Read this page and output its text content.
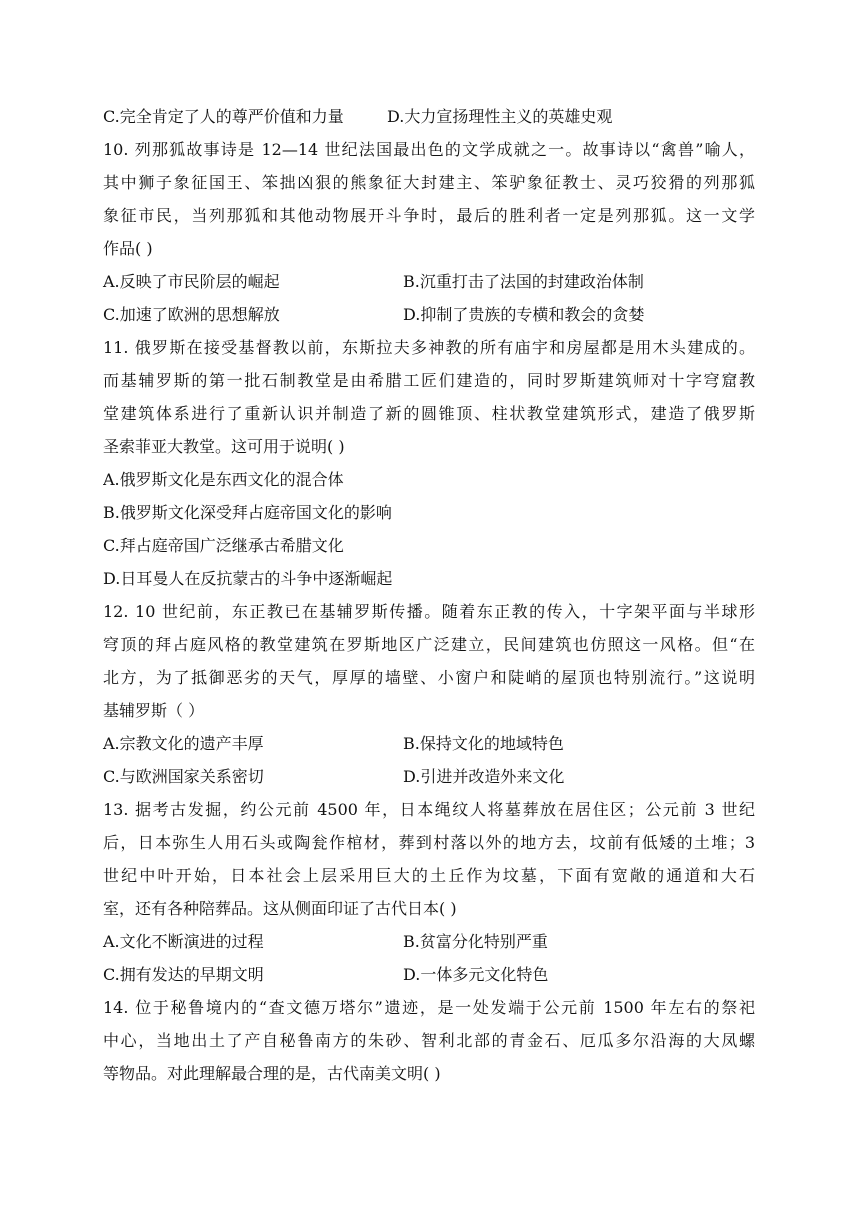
C.完全肯定了人的尊严价值和力量	D.大力宣扬理性主义的英雄史观
10. 列那狐故事诗是 12—14 世纪法国最出色的文学成就之一。故事诗以“禽兽”喻人，
其中狮子象征国王、笨拙凶狠的熊象征大封建主、笨驴象征教士、灵巧狡猾的列那狐
象征市民，当列那狐和其他动物展开斗争时，最后的胜利者一定是列那狐。这一文学
作品( )
A.反映了市民阶层的崛起	B.沉重打击了法国的封建政治体制
C.加速了欧洲的思想解放	D.抑制了贵族的专横和教会的贪婪
11. 俄罗斯在接受基督教以前，东斯拉夫多神教的所有庙宇和房屋都是用木头建成的。
而基辅罗斯的第一批石制教堂是由希腊工匠们建造的，同时罗斯建筑师对十字穹窟教
堂建筑体系进行了重新认识并制造了新的圆锥顶、柱状教堂建筑形式，建造了俄罗斯
圣索菲亚大教堂。这可用于说明( )
A.俄罗斯文化是东西文化的混合体
B.俄罗斯文化深受拜占庭帝国文化的影响
C.拜占庭帝国广泛继承古希腊文化
D.日耳曼人在反抗蒙古的斗争中逐渐崛起
12. 10 世纪前，东正教已在基辅罗斯传播。随着东正教的传入，十字架平面与半球形
穹顶的拜占庭风格的教堂建筑在罗斯地区广泛建立，民间建筑也仿照这一风格。但“在
北方，为了抵御恶劣的天气，厚厚的墙壁、小窗户和陡峭的屋顶也特别流行。”这说明
基辅罗斯（ ）
A.宗教文化的遗产丰厚	B.保持文化的地域特色
C.与欧洲国家关系密切	D.引进并改造外来文化
13. 据考古发掘，约公元前 4500 年，日本绳纹人将墓葬放在居住区；公元前 3 世纪
后，日本弥生人用石头或陶瓮作棺材，葬到村落以外的地方去，坟前有低矮的土堆；3
世纪中叶开始，日本社会上层采用巨大的土丘作为坟墓，下面有宽敞的通道和大石
室，还有各种陪葬品。这从侧面印证了古代日本( )
A.文化不断演进的过程	B.贫富分化特别严重
C.拥有发达的早期文明	D.一体多元文化特色
14. 位于秘鲁境内的“查文德万塔尔”遗迹，是一处发端于公元前 1500 年左右的祭祀
中心，当地出土了产自秘鲁南方的朱砂、智利北部的青金石、厄瓜多尔沿海的大凤螺
等物品。对此理解最合理的是，古代南美文明( )
